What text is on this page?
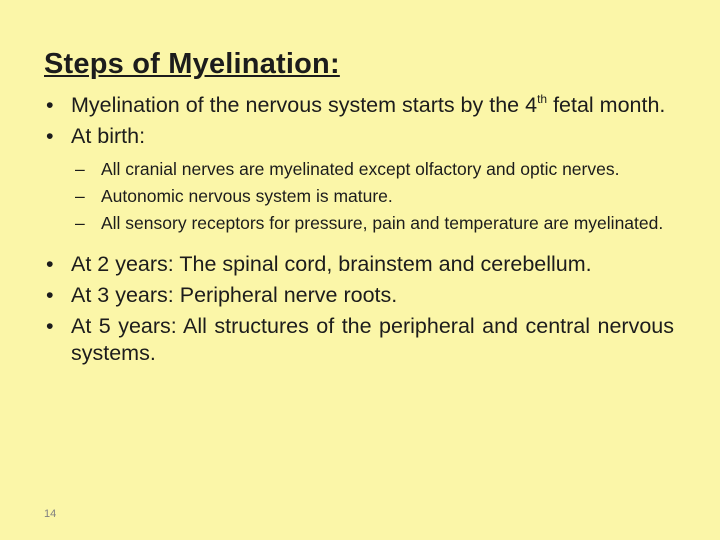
Steps of Myelination:
• Myelination of the nervous system starts by the 4th fetal month.
• At birth:
– All cranial nerves are myelinated except olfactory and optic nerves.
– Autonomic nervous system is mature.
– All sensory receptors for pressure, pain and temperature are myelinated.
• At 2 years: The spinal cord, brainstem and cerebellum.
• At 3 years: Peripheral nerve roots.
• At 5 years: All structures of the peripheral and central nervous systems.
14
